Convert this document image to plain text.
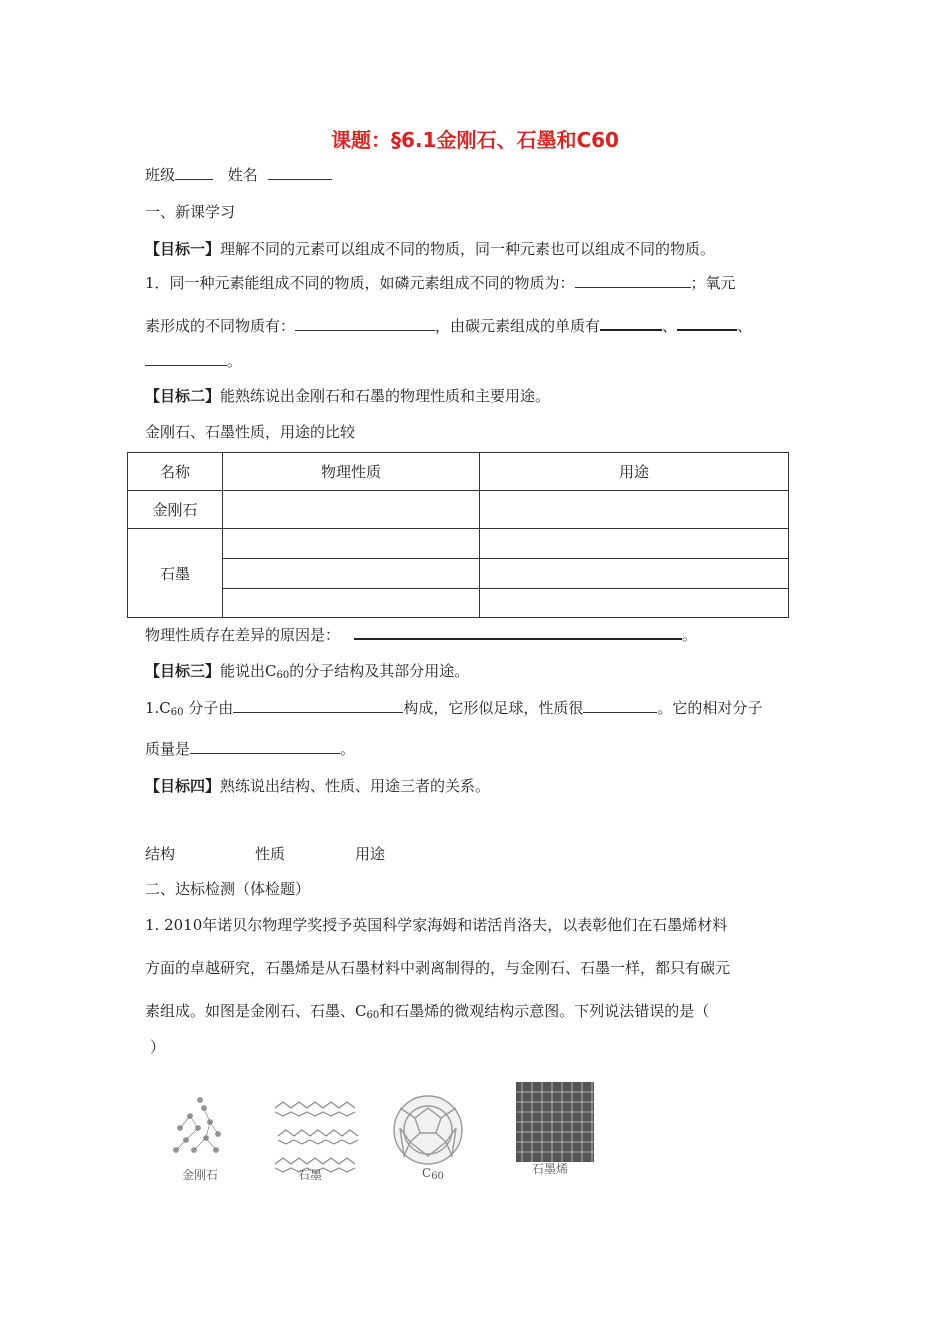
课题：§6.1金刚石、石墨和C60
班级	姓名
一、新课学习
【目标一】理解不同的元素可以组成不同的物质，同一种元素也可以组成不同的物质。
1．同一种元素能组成不同的物质，如磷元素组成不同的物质为：	；氧元
素形成的不同物质有：	，由碳元素组成的单质有	、	、
。
【目标二】能熟练说出金刚石和石墨的物理性质和主要用途。
金刚石、石墨性质，用途的比较
名称	物理性质	用途
金刚石		
石墨		

物理性质存在差异的原因是：	。
【目标三】能说出$C_{60}$的分子结构及其部分用途。
$1.C_{60}$ 分子由	构成，它形似足球，性质很	。它的相对分子
质量是	。
【目标四】熟练说出结构、性质、用途三者的关系。
结构	性质	用途
二、达标检测（体检题）
1. 2010年诺贝尔物理学奖授予英国科学家海姆和诺活肖洛夫，以表彰他们在石墨烯材料
方面的卓越研究，石墨烯是从石墨材料中剥离制得的，与金刚石、石墨一样，都只有碳元
素组成。如图是金刚石、石墨、$C_{60}$和石墨烯的微观结构示意图。下列说法错误的是（
）
金刚石	石墨	$C_{60}$
石墨烯
